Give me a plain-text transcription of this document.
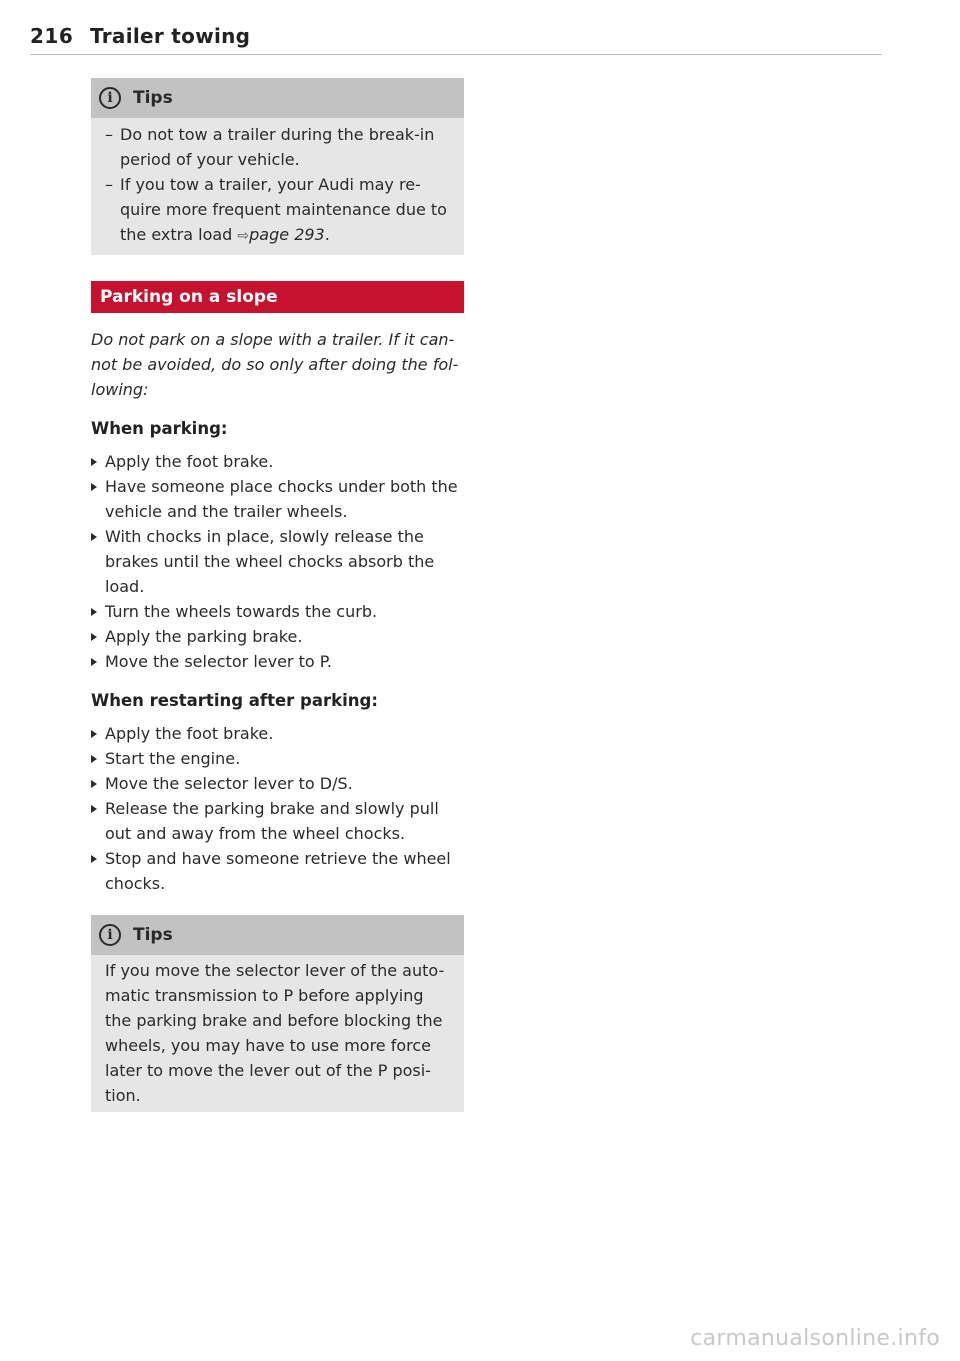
216 Trailer towing
i	Tips
– Do not tow a trailer during the break-in period of your vehicle.
– If you tow a trailer, your Audi may re-quire more frequent maintenance due to the extra load ⇨page 293.
Parking on a slope
Do not park on a slope with a trailer. If it can-not be avoided, do so only after doing the fol-lowing:
When parking:
Apply the foot brake.
Have someone place chocks under both the vehicle and the trailer wheels.
With chocks in place, slowly release the brakes until the wheel chocks absorb the load.
Turn the wheels towards the curb.
Apply the parking brake.
Move the selector lever to P.
When restarting after parking:
Apply the foot brake.
Start the engine.
Move the selector lever to D/S.
Release the parking brake and slowly pull out and away from the wheel chocks.
Stop and have someone retrieve the wheel chocks.
i	Tips
If you move the selector lever of the auto-matic transmission to P before applying the parking brake and before blocking the wheels, you may have to use more force later to move the lever out of the P posi-tion.
carmanualsonline.info
